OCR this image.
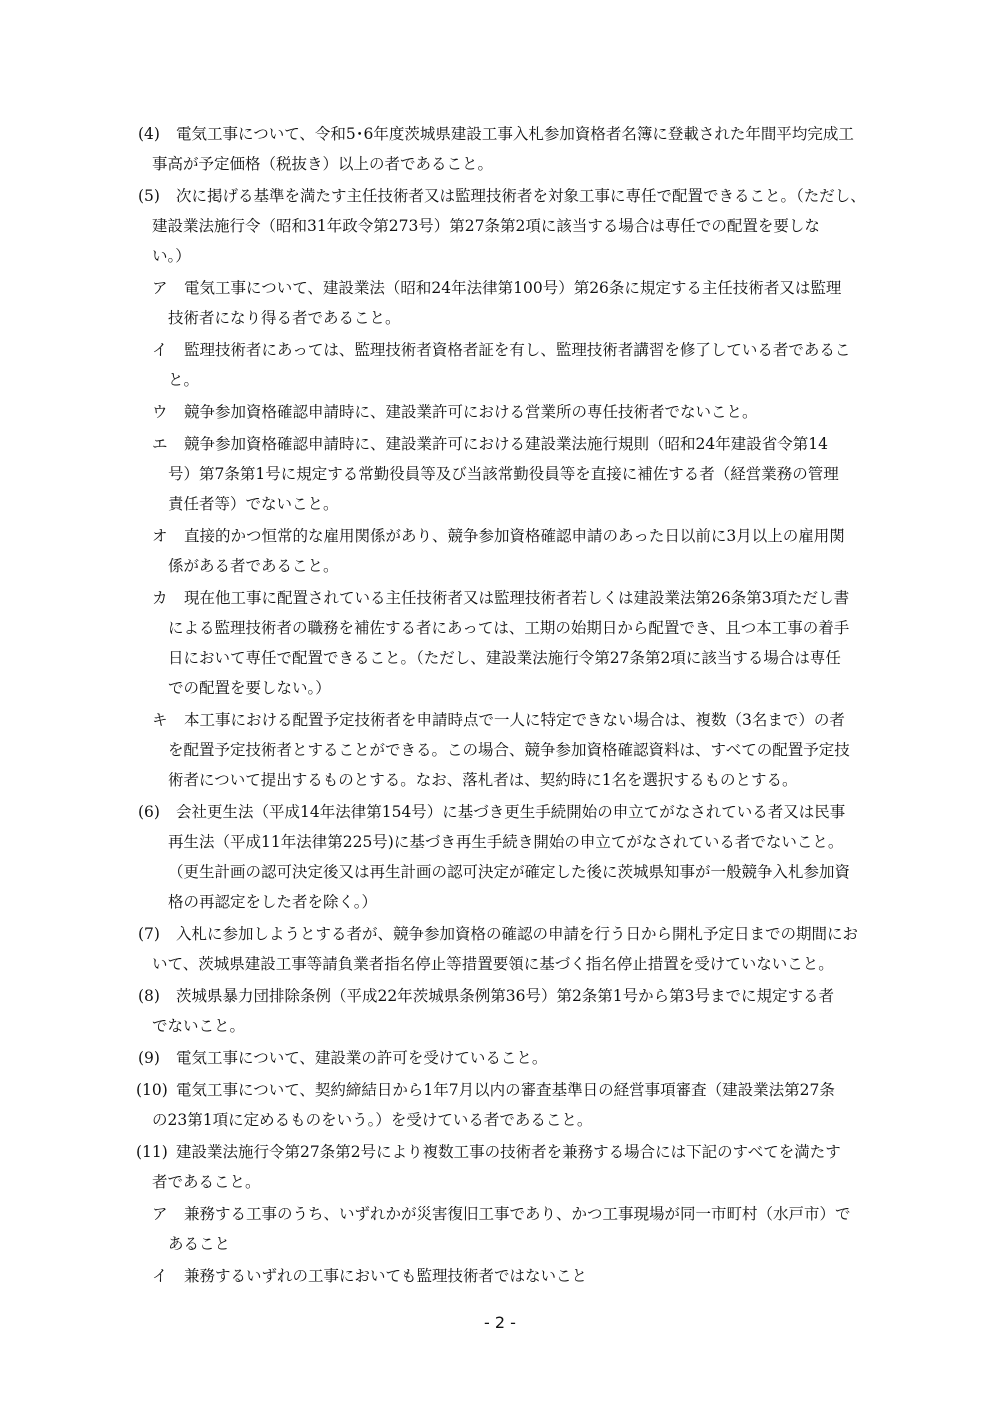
(4) 電気工事について、令和5･6年度茨城県建設工事入札参加資格者名簿に登載された年間平均完成工
事高が予定価格（税抜き）以上の者であること。
(5) 次に掲げる基準を満たす主任技術者又は監理技術者を対象工事に専任で配置できること。（ただし、
建設業法施行令（昭和31年政令第273号）第27条第2項に該当する場合は専任での配置を要しな
い。）
ア 電気工事について、建設業法（昭和24年法律第100号）第26条に規定する主任技術者又は監理
技術者になり得る者であること。
イ 監理技術者にあっては、監理技術者資格者証を有し、監理技術者講習を修了している者であるこ
と。
ウ 競争参加資格確認申請時に、建設業許可における営業所の専任技術者でないこと。
エ 競争参加資格確認申請時に、建設業許可における建設業法施行規則（昭和24年建設省令第14
号）第7条第1号に規定する常勤役員等及び当該常勤役員等を直接に補佐する者（経営業務の管理
責任者等）でないこと。
オ 直接的かつ恒常的な雇用関係があり、競争参加資格確認申請のあった日以前に3月以上の雇用関
係がある者であること。
カ 現在他工事に配置されている主任技術者又は監理技術者若しくは建設業法第26条第3項ただし書
による監理技術者の職務を補佐する者にあっては、工期の始期日から配置でき、且つ本工事の着手
日において専任で配置できること。（ただし、建設業法施行令第27条第2項に該当する場合は専任
での配置を要しない。）
キ 本工事における配置予定技術者を申請時点で一人に特定できない場合は、複数（3名まで）の者
を配置予定技術者とすることができる。この場合、競争参加資格確認資料は、すべての配置予定技
術者について提出するものとする。なお、落札者は、契約時に1名を選択するものとする。
(6) 会社更生法（平成14年法律第154号）に基づき更生手続開始の申立てがなされている者又は民事
再生法（平成11年法律第225号)に基づき再生手続き開始の申立てがなされている者でないこと。
（更生計画の認可決定後又は再生計画の認可決定が確定した後に茨城県知事が一般競争入札参加資
格の再認定をした者を除く。）
(7) 入札に参加しようとする者が、競争参加資格の確認の申請を行う日から開札予定日までの期間にお
いて、茨城県建設工事等請負業者指名停止等措置要領に基づく指名停止措置を受けていないこと。
(8) 茨城県暴力団排除条例（平成22年茨城県条例第36号）第2条第1号から第3号までに規定する者
でないこと。
(9) 電気工事について、建設業の許可を受けていること。
(10) 電気工事について、契約締結日から1年7月以内の審査基準日の経営事項審査（建設業法第27条
の23第1項に定めるものをいう。）を受けている者であること。
(11) 建設業法施行令第27条第2号により複数工事の技術者を兼務する場合には下記のすべてを満たす
者であること。
ア 兼務する工事のうち、いずれかが災害復旧工事であり、かつ工事現場が同一市町村（水戸市）で
あること
イ 兼務するいずれの工事においても監理技術者ではないこと
- 2 -
